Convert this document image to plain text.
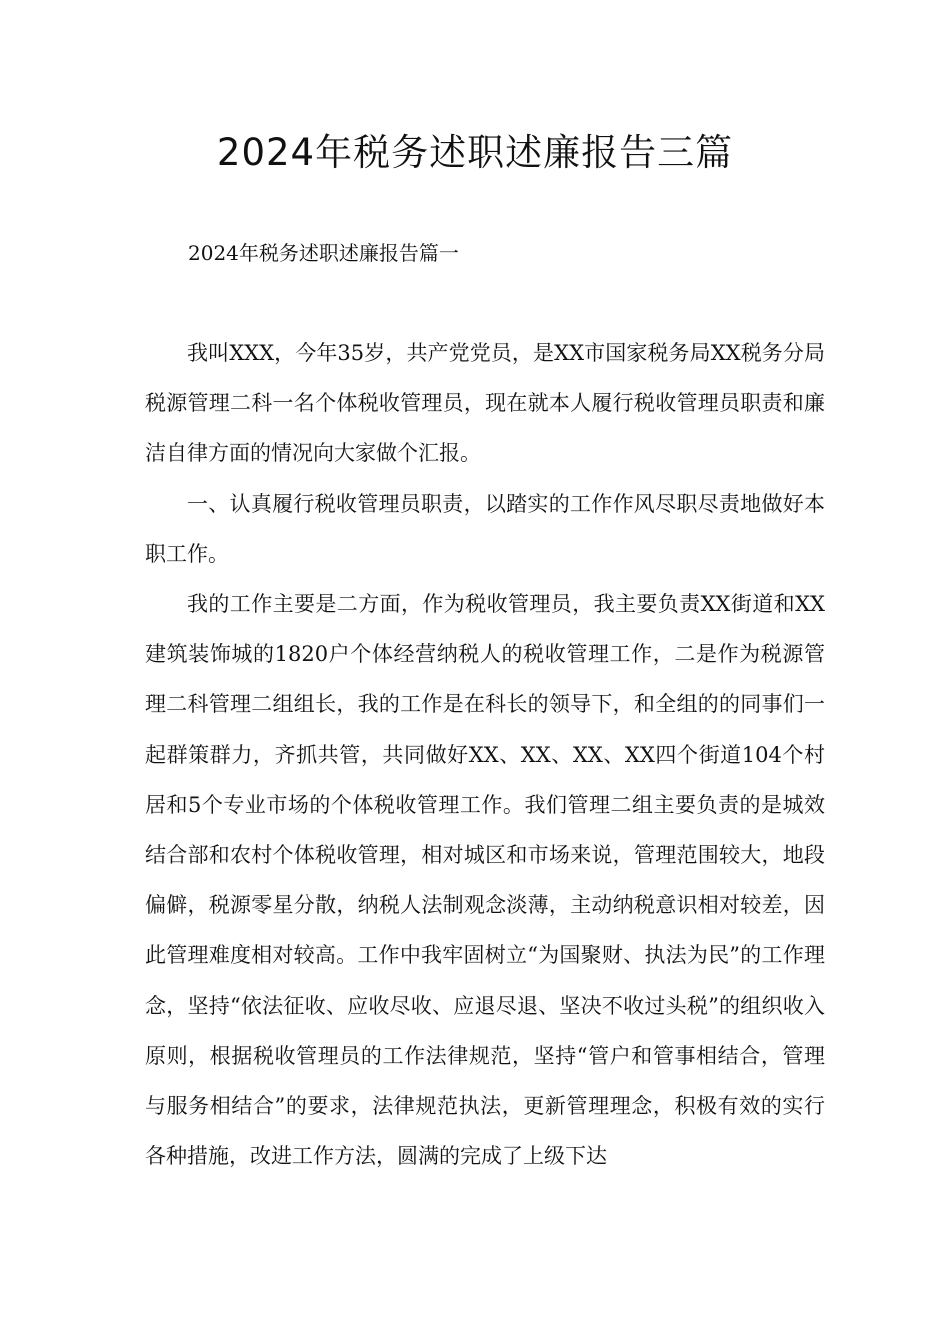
2024年税务述职述廉报告三篇
2024年税务述职述廉报告篇一

我叫XXX，今年35岁，共产党党员，是XX市国家税务局XX税务分局税源管理二科一名个体税收管理员，现在就本人履行税收管理员职责和廉洁自律方面的情况向大家做个汇报。

一、认真履行税收管理员职责，以踏实的工作作风尽职尽责地做好本职工作。

我的工作主要是二方面，作为税收管理员，我主要负责XX街道和XX建筑装饰城的1820户个体经营纳税人的税收管理工作，二是作为税源管理二科管理二组组长，我的工作是在科长的领导下，和全组的的同事们一起群策群力，齐抓共管，共同做好XX、XX、XX、XX四个街道104个村居和5个专业市场的个体税收管理工作。我们管理二组主要负责的是城效结合部和农村个体税收管理，相对城区和市场来说，管理范围较大，地段偏僻，税源零星分散，纳税人法制观念淡薄，主动纳税意识相对较差，因此管理难度相对较高。工作中我牢固树立“为国聚财、执法为民”的工作理念，坚持“依法征收、应收尽收、应退尽退、坚决不收过头税”的组织收入原则，根据税收管理员的工作法律规范，坚持“管户和管事相结合，管理与服务相结合”的要求，法律规范执法，更新管理理念，积极有效的实行各种措施，改进工作方法，圆满的完成了上级下达
